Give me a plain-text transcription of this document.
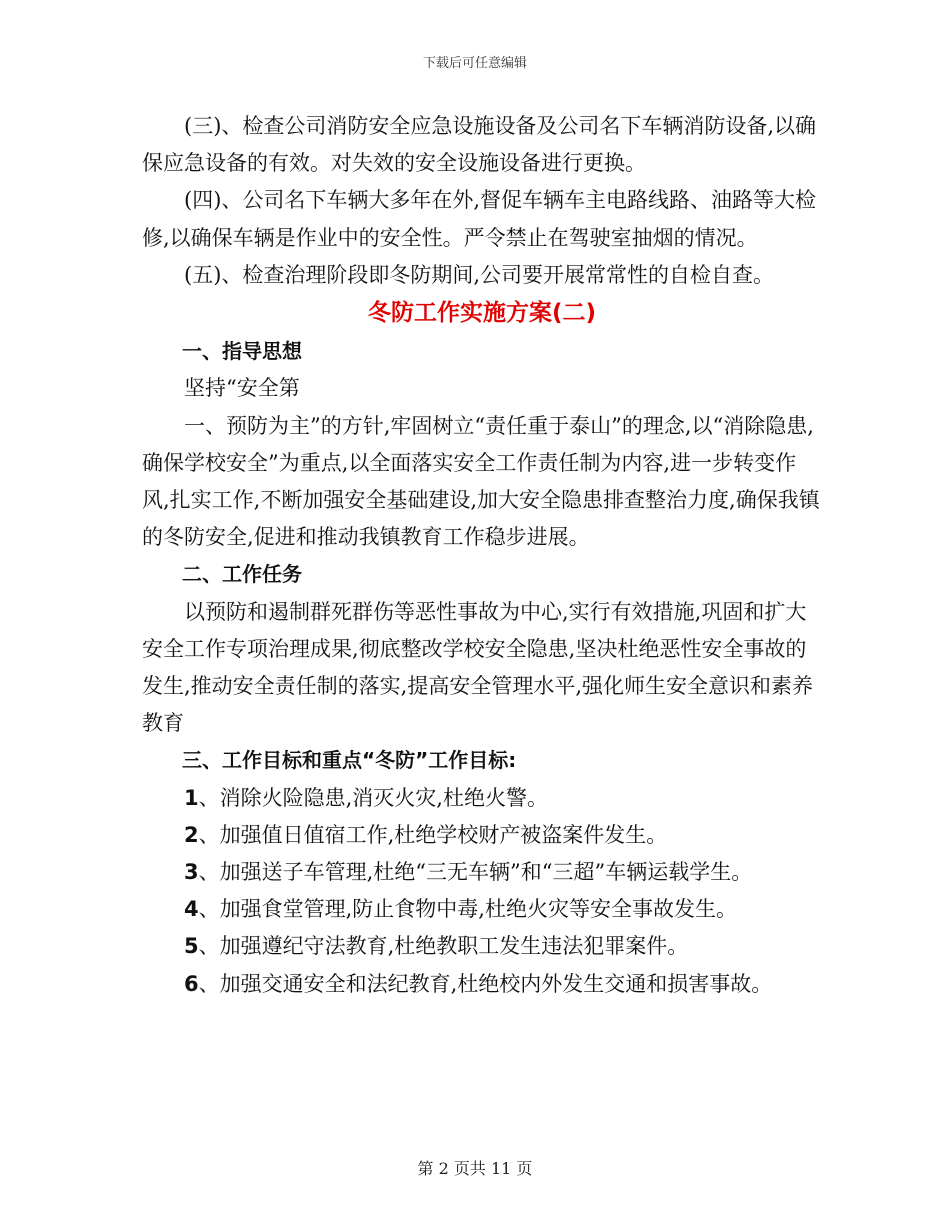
下载后可任意编辑

(三)、检查公司消防安全应急设施设备及公司名下车辆消防设备,以确保应急设备的有效。对失效的安全设施设备进行更换。

(四)、公司名下车辆大多年在外,督促车辆车主电路线路、油路等大检修,以确保车辆是作业中的安全性。严令禁止在驾驶室抽烟的情况。

(五)、检查治理阶段即冬防期间,公司要开展常常性的自检自查。

冬防工作实施方案(二)

一、指导思想

坚持“安全第

一、预防为主”的方针,牢固树立“责任重于泰山”的理念,以“消除隐患,确保学校安全”为重点,以全面落实安全工作责任制为内容,进一步转变作风,扎实工作,不断加强安全基础建设,加大安全隐患排查整治力度,确保我镇的冬防安全,促进和推动我镇教育工作稳步进展。

二、工作任务

以预防和遏制群死群伤等恶性事故为中心,实行有效措施,巩固和扩大安全工作专项治理成果,彻底整改学校安全隐患,坚决杜绝恶性安全事故的发生,推动安全责任制的落实,提高安全管理水平,强化师生安全意识和素养教育

三、工作目标和重点“冬防”工作目标:

1、消除火险隐患,消灭火灾,杜绝火警。

2、加强值日值宿工作,杜绝学校财产被盗案件发生。

3、加强送子车管理,杜绝“三无车辆”和“三超”车辆运载学生。

4、加强食堂管理,防止食物中毒,杜绝火灾等安全事故发生。

5、加强遵纪守法教育,杜绝教职工发生违法犯罪案件。

6、加强交通安全和法纪教育,杜绝校内外发生交通和损害事故。

第 2 页共 11 页
